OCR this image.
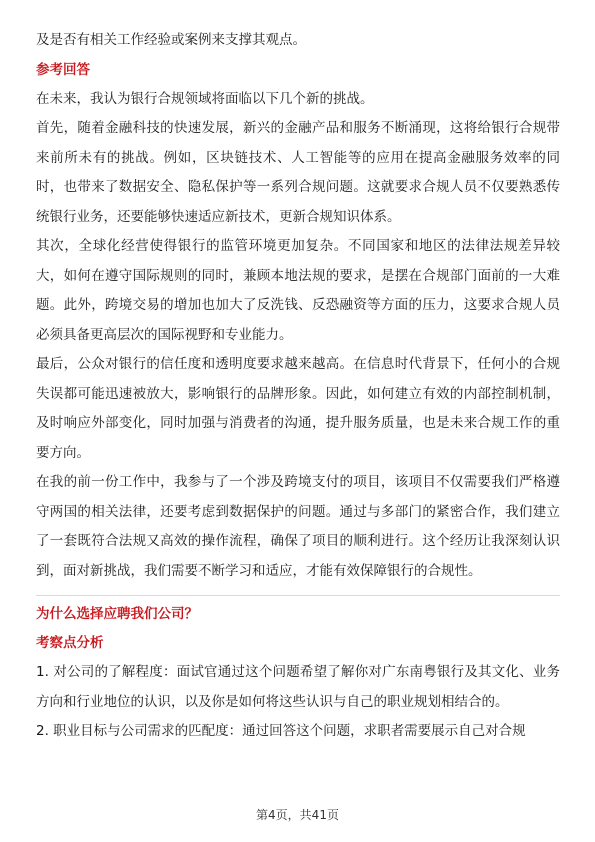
及是否有相关工作经验或案例来支撑其观点。

参考回答

在未来，我认为银行合规领域将面临以下几个新的挑战。

首先，随着金融科技的快速发展，新兴的金融产品和服务不断涌现，这将给银行合规带来前所未有的挑战。例如，区块链技术、人工智能等的应用在提高金融服务效率的同时，也带来了数据安全、隐私保护等一系列合规问题。这就要求合规人员不仅要熟悉传统银行业务，还要能够快速适应新技术，更新合规知识体系。

其次，全球化经营使得银行的监管环境更加复杂。不同国家和地区的法律法规差异较大，如何在遵守国际规则的同时，兼顾本地法规的要求，是摆在合规部门面前的一大难题。此外，跨境交易的增加也加大了反洗钱、反恐融资等方面的压力，这要求合规人员必须具备更高层次的国际视野和专业能力。

最后，公众对银行的信任度和透明度要求越来越高。在信息时代背景下，任何小的合规失误都可能迅速被放大，影响银行的品牌形象。因此，如何建立有效的内部控制机制，及时响应外部变化，同时加强与消费者的沟通，提升服务质量，也是未来合规工作的重要方向。

在我的前一份工作中，我参与了一个涉及跨境支付的项目，该项目不仅需要我们严格遵守两国的相关法律，还要考虑到数据保护的问题。通过与多部门的紧密合作，我们建立了一套既符合法规又高效的操作流程，确保了项目的顺利进行。这个经历让我深刻认识到，面对新挑战，我们需要不断学习和适应，才能有效保障银行的合规性。

为什么选择应聘我们公司？

考察点分析

1. 对公司的了解程度：面试官通过这个问题希望了解你对广东南粤银行及其文化、业务方向和行业地位的认识，以及你是如何将这些认识与自己的职业规划相结合的。

2. 职业目标与公司需求的匹配度：通过回答这个问题，求职者需要展示自己对合规

第4页，共41页
